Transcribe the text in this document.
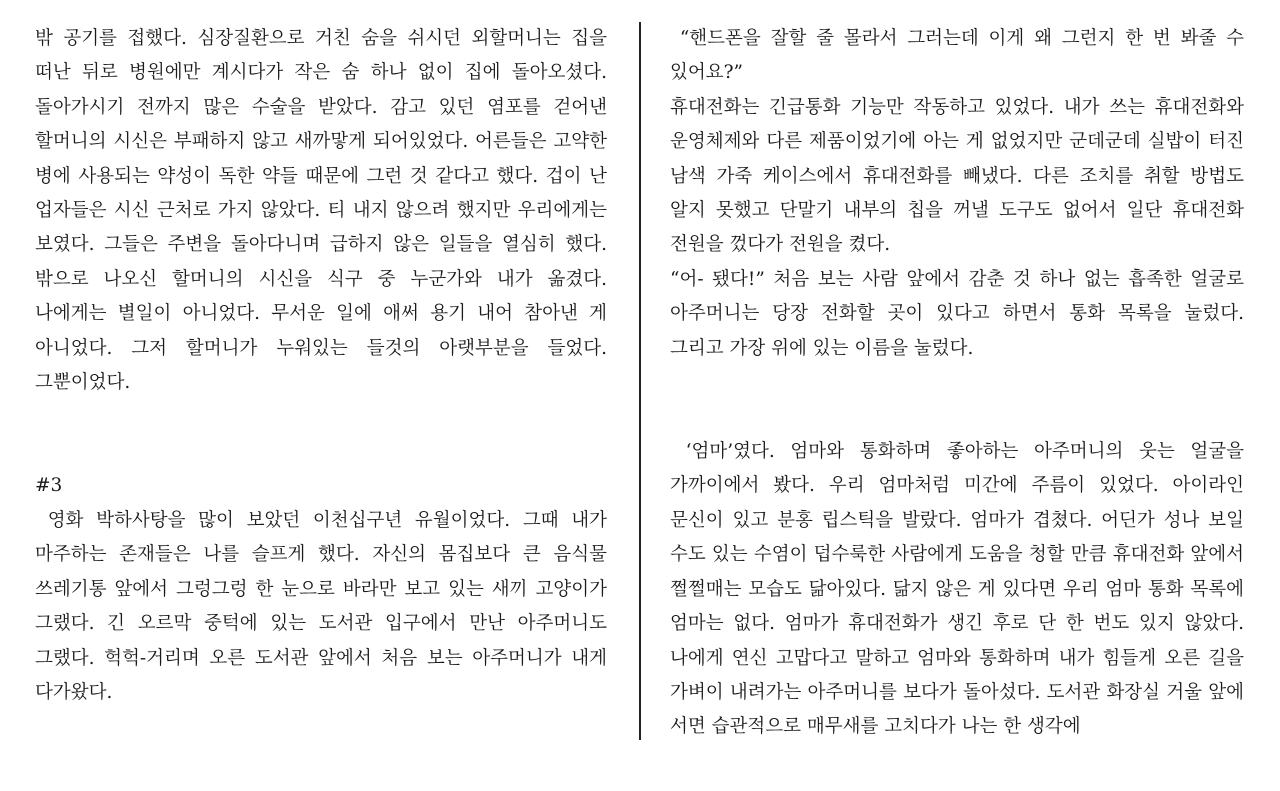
밖 공기를 접했다. 심장질환으로 거친 숨을 쉬시던 외할머니는 집을 떠난 뒤로 병원에만 계시다가 작은 숨 하나 없이 집에 돌아오셨다. 돌아가시기 전까지 많은 수술을 받았다. 감고 있던 염포를 걷어낸 할머니의 시신은 부패하지 않고 새까맣게 되어있었다. 어른들은 고약한 병에 사용되는 약성이 독한 약들 때문에 그런 것 같다고 했다. 겁이 난 업자들은 시신 근처로 가지 않았다. 티 내지 않으려 했지만 우리에게는 보였다. 그들은 주변을 돌아다니며 급하지 않은 일들을 열심히 했다. 밖으로 나오신 할머니의 시신을 식구 중 누군가와 내가 옮겼다. 나에게는 별일이 아니었다. 무서운 일에 애써 용기 내어 참아낸 게 아니었다. 그저 할머니가 누워있는 들것의 아랫부분을 들었다. 그뿐이었다.

#3

영화 박하사탕을 많이 보았던 이천십구년 유월이었다. 그때 내가 마주하는 존재들은 나를 슬프게 했다. 자신의 몸집보다 큰 음식물 쓰레기통 앞에서 그렁그렁 한 눈으로 바라만 보고 있는 새끼 고양이가 그랬다. 긴 오르막 중턱에 있는 도서관 입구에서 만난 아주머니도 그랬다. 헉헉-거리며 오른 도서관 앞에서 처음 보는 아주머니가 내게 다가왔다.

“핸드폰을 잘할 줄 몰라서 그러는데 이게 왜 그런지 한 번 봐줄 수 있어요?”

휴대전화는 긴급통화 기능만 작동하고 있었다. 내가 쓰는 휴대전화와 운영체제와 다른 제품이었기에 아는 게 없었지만 군데군데 실밥이 터진 남색 가죽 케이스에서 휴대전화를 빼냈다. 다른 조치를 취할 방법도 알지 못했고 단말기 내부의 칩을 꺼낼 도구도 없어서 일단 휴대전화 전원을 껐다가 전원을 켰다.

“어- 됐다!” 처음 보는 사람 앞에서 감춘 것 하나 없는 흡족한 얼굴로 아주머니는 당장 전화할 곳이 있다고 하면서 통화 목록을 눌렀다. 그리고 가장 위에 있는 이름을 눌렀다.

‘엄마’였다. 엄마와 통화하며 좋아하는 아주머니의 웃는 얼굴을 가까이에서 봤다. 우리 엄마처럼 미간에 주름이 있었다. 아이라인 문신이 있고 분홍 립스틱을 발랐다. 엄마가 겹쳤다. 어딘가 성나 보일 수도 있는 수염이 덥수룩한 사람에게 도움을 청할 만큼 휴대전화 앞에서 쩔쩔매는 모습도 닮아있다. 닮지 않은 게 있다면 우리 엄마 통화 목록에 엄마는 없다. 엄마가 휴대전화가 생긴 후로 단 한 번도 있지 않았다. 나에게 연신 고맙다고 말하고 엄마와 통화하며 내가 힘들게 오른 길을 가벼이 내려가는 아주머니를 보다가 돌아섰다. 도서관 화장실 거울 앞에 서면 습관적으로 매무새를 고치다가 나는 한 생각에
